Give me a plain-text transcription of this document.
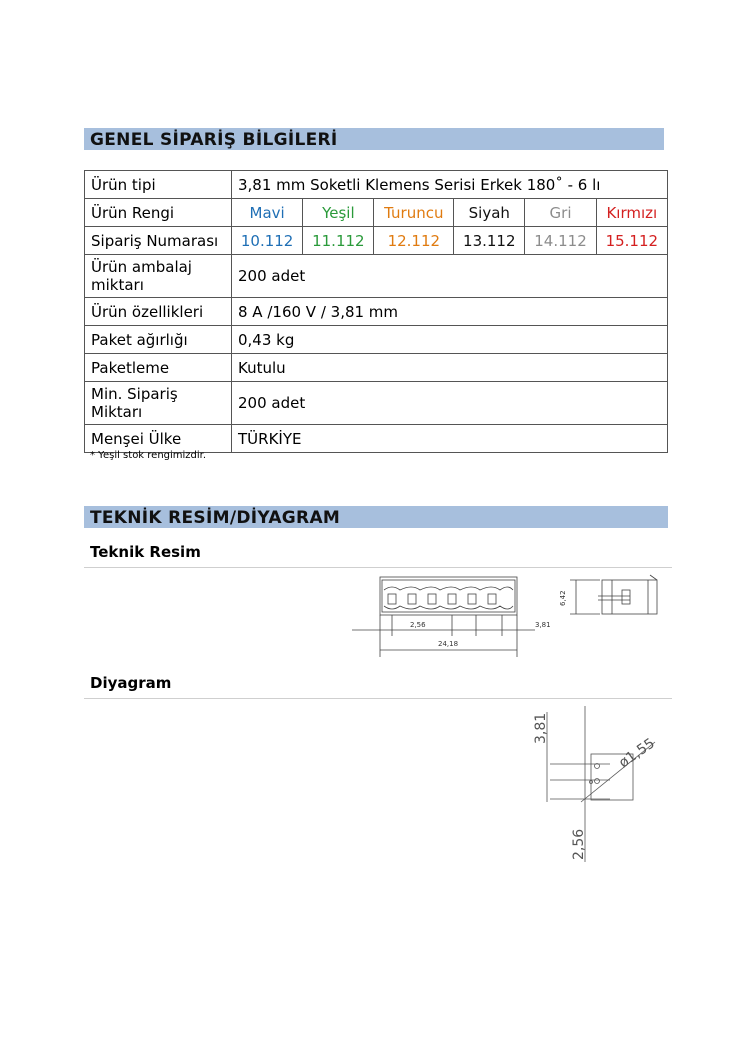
GENEL SİPARİŞ BİLGİLERİ
Ürün tipi	3,81 mm Soketli Klemens Serisi Erkek 180˚ - 6 lı					
Ürün Rengi	Mavi	Yeşil	Turuncu	Siyah	Gri	Kırmızı
Sipariş Numarası	10.112	11.112	12.112	13.112	14.112	15.112
Ürün ambalaj miktarı	200 adet					
Ürün özellikleri	8 A /160 V / 3,81 mm					
Paket ağırlığı	0,43 kg					
Paketleme	Kutulu					
Min. Sipariş Miktarı	200 adet					
Menşei Ülke	TÜRKİYE					
* Yeşil stok rengimizdir.
TEKNİK RESİM/DİYAGRAM
Teknik Resim
2,56	3,81
24,18
6,42
Diyagram
3,81
ø1,55
2,56
